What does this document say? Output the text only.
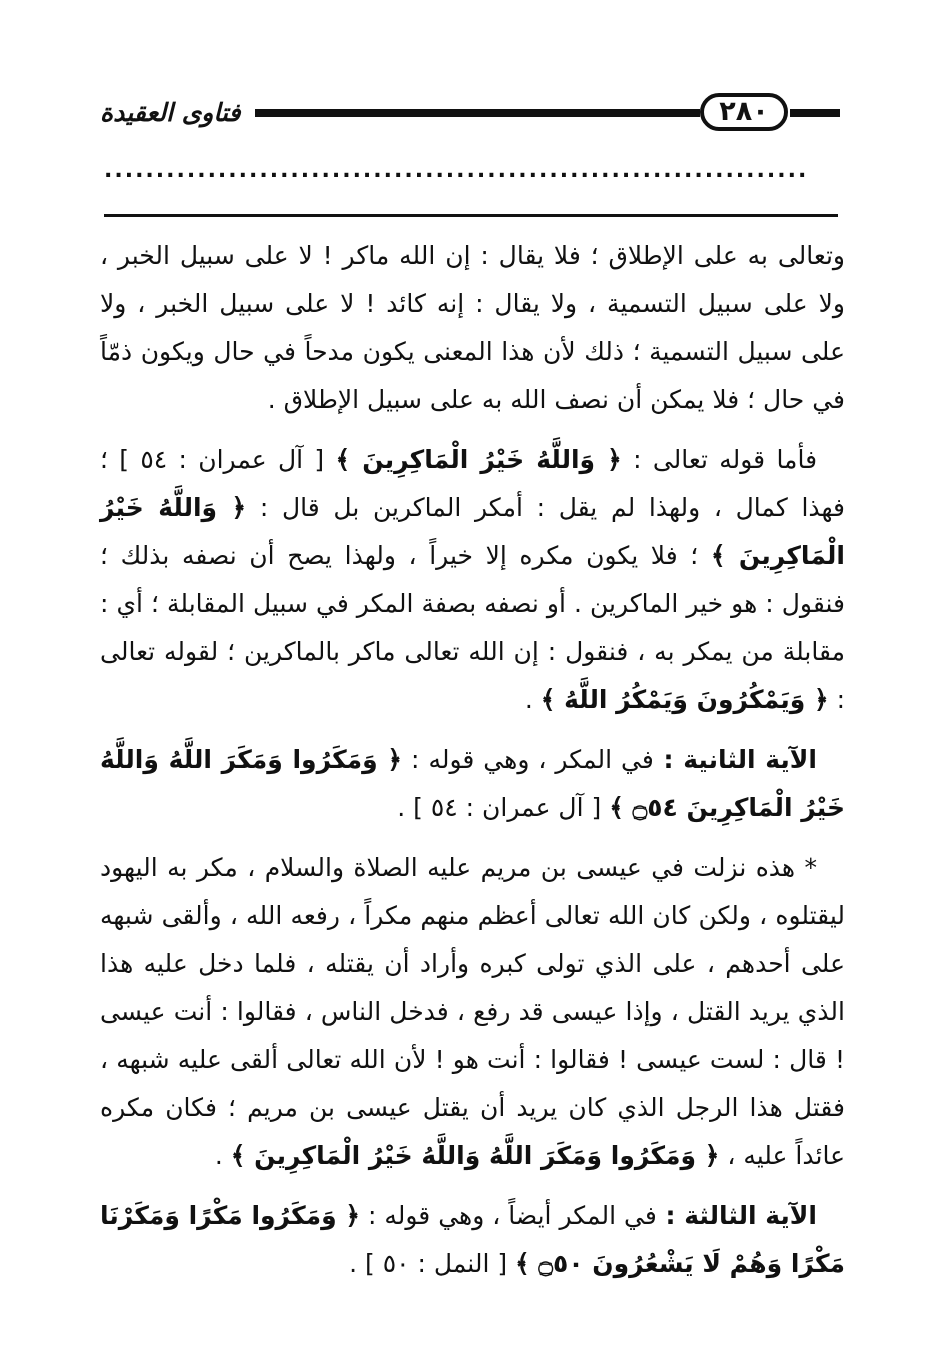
فتاوى العقيدة	٢٨٠
....................................................................

وتعالى به على الإطلاق ؛ فلا يقال : إن الله ماكر ! لا على سبيل الخبر ، ولا على سبيل التسمية ، ولا يقال : إنه كائد ! لا على سبيل الخبر ، ولا على سبيل التسمية ؛ ذلك لأن هذا المعنى يكون مدحاً في حال ويكون ذمّاً في حال ؛ فلا يمكن أن نصف الله به على سبيل الإطلاق .

فأما قوله تعالى : ﴿ وَاللَّهُ خَيْرُ الْمَاكِرِينَ ﴾ [ آل عمران : ٥٤ ] ؛ فهذا كمال ، ولهذا لم يقل : أمكر الماكرين بل قال : ﴿ وَاللَّهُ خَيْرُ الْمَاكِرِينَ ﴾ ؛ فلا يكون مكره إلا خيراً ، ولهذا يصح أن نصفه بذلك ؛ فنقول : هو خير الماكرين . أو نصفه بصفة المكر في سبيل المقابلة ؛ أي : مقابلة من يمكر به ، فنقول : إن الله تعالى ماكر بالماكرين ؛ لقوله تعالى : ﴿ وَيَمْكُرُونَ وَيَمْكُرُ اللَّهُ ﴾ .

الآية الثانية : في المكر ، وهي قوله : ﴿ وَمَكَرُوا وَمَكَرَ اللَّهُ وَاللَّهُ خَيْرُ الْمَاكِرِينَ ۝٥٤ ﴾ [ آل عمران : ٥٤ ] .

* هذه نزلت في عيسى بن مريم عليه الصلاة والسلام ، مكر به اليهود ليقتلوه ، ولكن كان الله تعالى أعظم منهم مكراً ، رفعه الله ، وألقى شبهه على أحدهم ، على الذي تولى كبره وأراد أن يقتله ، فلما دخل عليه هذا الذي يريد القتل ، وإذا عيسى قد رفع ، فدخل الناس ، فقالوا : أنت عيسى ! قال : لست عيسى ! فقالوا : أنت هو ! لأن الله تعالى ألقى عليه شبهه ، فقتل هذا الرجل الذي كان يريد أن يقتل عيسى بن مريم ؛ فكان مكره عائداً عليه ، ﴿ وَمَكَرُوا وَمَكَرَ اللَّهُ وَاللَّهُ خَيْرُ الْمَاكِرِينَ ﴾ .

الآية الثالثة : في المكر أيضاً ، وهي قوله : ﴿ وَمَكَرُوا مَكْرًا وَمَكَرْنَا مَكْرًا وَهُمْ لَا يَشْعُرُونَ ۝٥٠ ﴾ [ النمل : ٥٠ ] .
